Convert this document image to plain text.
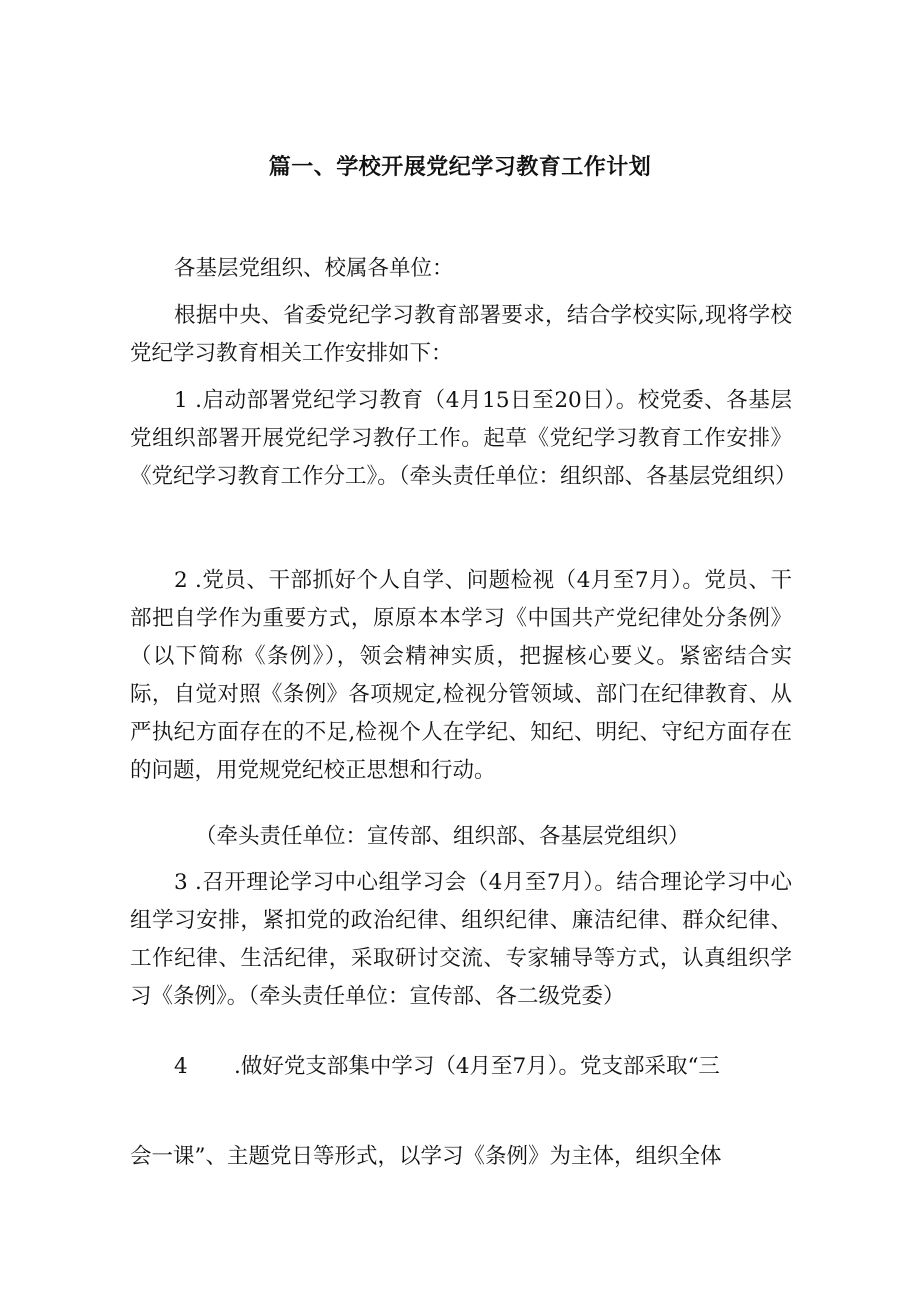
篇一、学校开展党纪学习教育工作计划

各基层党组织、校属各单位：

根据中央、省委党纪学习教育部署要求，结合学校实际,现将学校党纪学习教育相关工作安排如下：

1 .启动部署党纪学习教育（4月15日至20日）。校党委、各基层党组织部署开展党纪学习教仔工作。起草《党纪学习教育工作安排》《党纪学习教育工作分工》。（牵头责任单位：组织部、各基层党组织）

2 .党员、干部抓好个人自学、问题检视（4月至7月）。党员、干部把自学作为重要方式，原原本本学习《中国共产党纪律处分条例》（以下简称《条例》），领会精神实质，把握核心要义。紧密结合实际，自觉对照《条例》各项规定,检视分管领域、部门在纪律教育、从严执纪方面存在的不足,检视个人在学纪、知纪、明纪、守纪方面存在的问题，用党规党纪校正思想和行动。

（牵头责任单位：宣传部、组织部、各基层党组织）

3 .召开理论学习中心组学习会（4月至7月）。结合理论学习中心组学习安排，紧扣党的政治纪律、组织纪律、廉洁纪律、群众纪律、工作纪律、生活纪律，采取研讨交流、专家辅导等方式，认真组织学习《条例》。（牵头责任单位：宣传部、各二级党委）

4 .做好党支部集中学习（4月至7月）。党支部采取“三
会一课”、主题党日等形式，以学习《条例》为主体，组织全体
